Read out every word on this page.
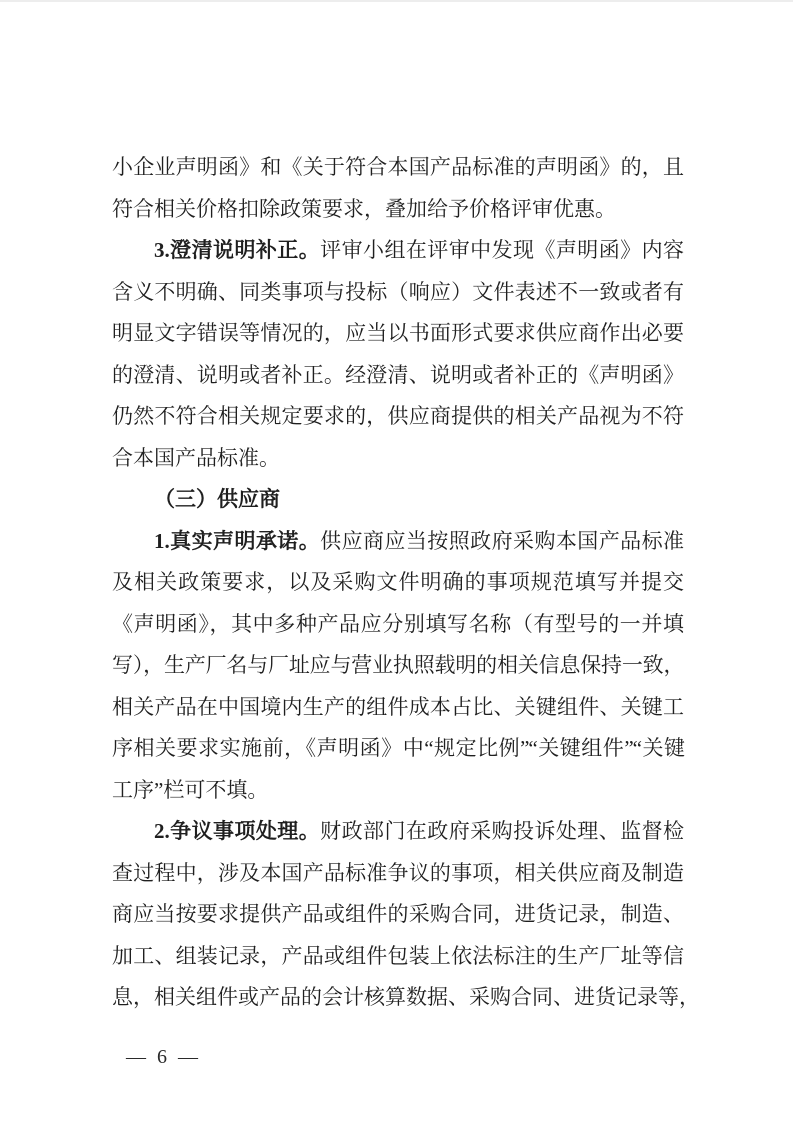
小企业声明函》和《关于符合本国产品标准的声明函》的，且
符合相关价格扣除政策要求，叠加给予价格评审优惠。
3.澄清说明补正。评审小组在评审中发现《声明函》内容
含义不明确、同类事项与投标（响应）文件表述不一致或者有
明显文字错误等情况的，应当以书面形式要求供应商作出必要
的澄清、说明或者补正。经澄清、说明或者补正的《声明函》
仍然不符合相关规定要求的，供应商提供的相关产品视为不符
合本国产品标准。
（三）供应商
1.真实声明承诺。供应商应当按照政府采购本国产品标准
及相关政策要求，以及采购文件明确的事项规范填写并提交
《声明函》，其中多种产品应分别填写名称（有型号的一并填
写），生产厂名与厂址应与营业执照载明的相关信息保持一致，
相关产品在中国境内生产的组件成本占比、关键组件、关键工
序相关要求实施前，《声明函》中“规定比例”“关键组件”“关键
工序”栏可不填。
2.争议事项处理。财政部门在政府采购投诉处理、监督检
查过程中，涉及本国产品标准争议的事项，相关供应商及制造
商应当按要求提供产品或组件的采购合同，进货记录，制造、
加工、组装记录，产品或组件包装上依法标注的生产厂址等信
息，相关组件或产品的会计核算数据、采购合同、进货记录等，
— 6 —
